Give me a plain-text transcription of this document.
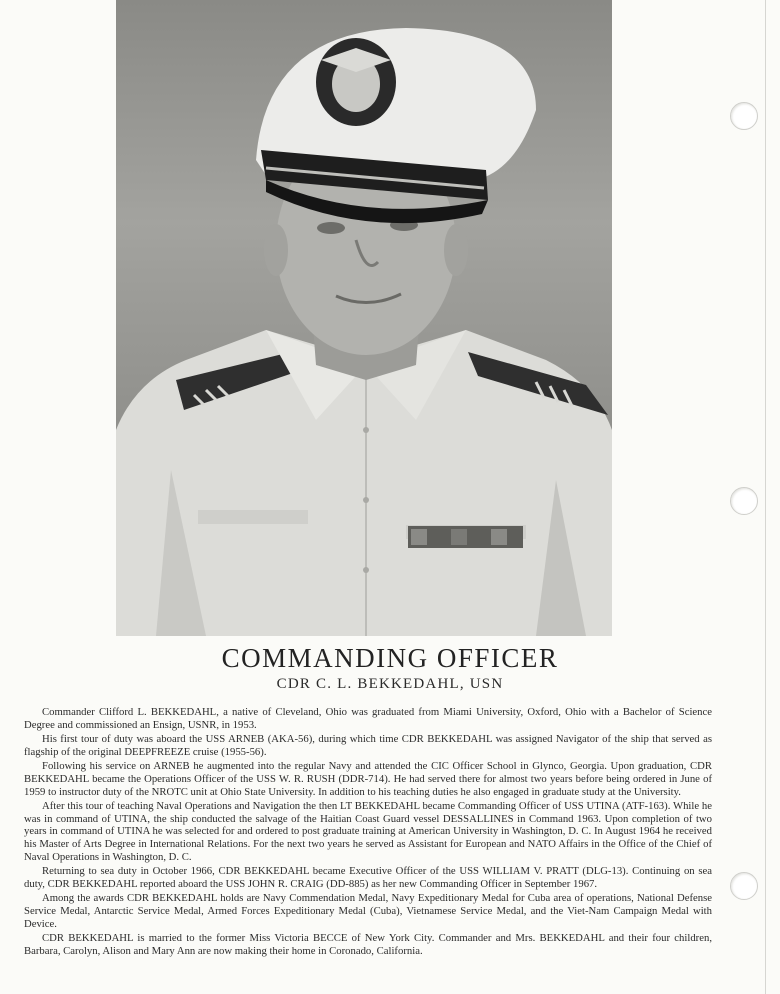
COMMANDING OFFICER
CDR C. L. BEKKEDAHL, USN

Commander Clifford L. BEKKEDAHL, a native of Cleveland, Ohio was graduated from Miami University, Oxford, Ohio with a Bachelor of Science Degree and commissioned an Ensign, USNR, in 1953.

His first tour of duty was aboard the USS ARNEB (AKA-56), during which time CDR BEKKEDAHL was assigned Navigator of the ship that served as flagship of the original DEEPFREEZE cruise (1955-56).

Following his service on ARNEB he augmented into the regular Navy and attended the CIC Officer School in Glynco, Georgia. Upon graduation, CDR BEKKEDAHL became the Operations Officer of the USS W. R. RUSH (DDR-714). He had served there for almost two years before being ordered in June of 1959 to instructor duty of the NROTC unit at Ohio State University. In addition to his teaching duties he also engaged in graduate study at the University.

After this tour of teaching Naval Operations and Navigation the then LT BEKKEDAHL became Commanding Officer of USS UTINA (ATF-163). While he was in command of UTINA, the ship conducted the salvage of the Haitian Coast Guard vessel DESSALLINES in Command 1963. Upon completion of two years in command of UTINA he was selected for and ordered to post graduate training at American University in Washington, D. C. In August 1964 he received his Master of Arts Degree in International Relations. For the next two years he served as Assistant for European and NATO Affairs in the Office of the Chief of Naval Operations in Washington, D. C.

Returning to sea duty in October 1966, CDR BEKKEDAHL became Executive Officer of the USS WILLIAM V. PRATT (DLG-13). Continuing on sea duty, CDR BEKKEDAHL reported aboard the USS JOHN R. CRAIG (DD-885) as her new Commanding Officer in September 1967.

Among the awards CDR BEKKEDAHL holds are Navy Commendation Medal, Navy Expeditionary Medal for Cuba area of operations, National Defense Service Medal, Antarctic Service Medal, Armed Forces Expeditionary Medal (Cuba), Vietnamese Service Medal, and the Viet-Nam Campaign Medal with Device.

CDR BEKKEDAHL is married to the former Miss Victoria BECCE of New York City. Commander and Mrs. BEKKEDAHL and their four children, Barbara, Carolyn, Alison and Mary Ann are now making their home in Coronado, California.
